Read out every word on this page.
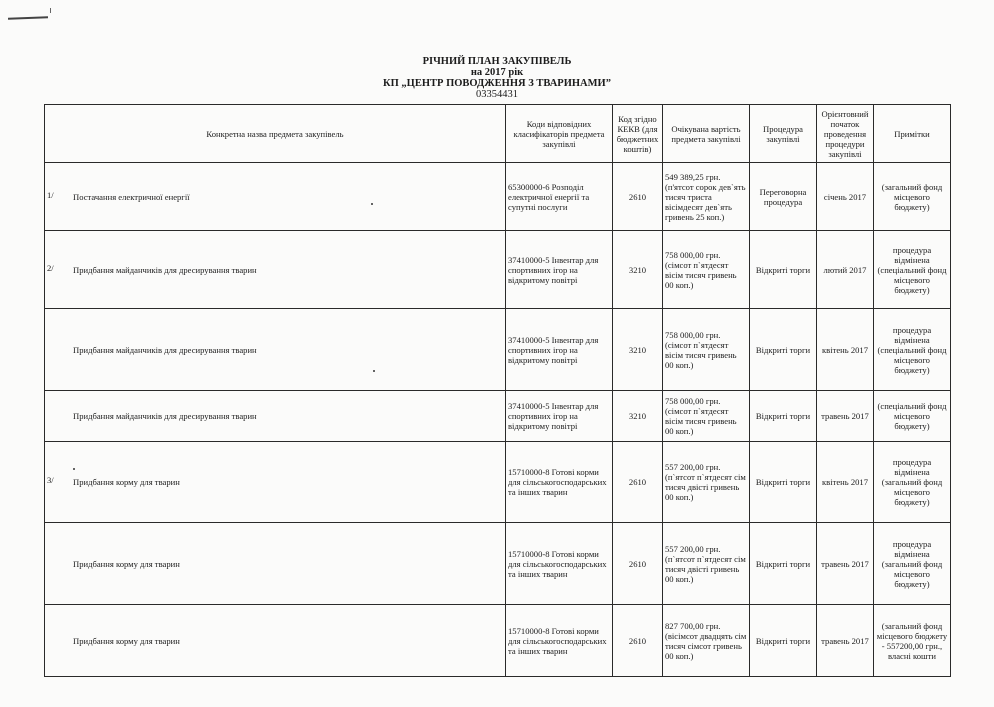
РІЧНИЙ ПЛАН ЗАКУПІВЕЛЬ
на 2017 рік
КП „ЦЕНТР ПОВОДЖЕННЯ З ТВАРИНАМИ”
03354431
Конкретна назва предмета закупівель	Коди відповідних класифікаторів предмета закупівлі	Код згідно КЕКВ (для бюджетних коштів)	Очікувана вартість предмета закупівлі	Процедура закупівлі	Орієнтовний початок проведення процедури закупівлі	Примітки

1/ Постачання електричної енергії	65300000-6 Розподіл електричної енергії та супутні послуги	2610	549 389,25 грн. (п'ятсот сорок дев`ять тисяч триста вісімдесят дев`ять гривень 25 коп.)	Переговорна процедура	січень 2017	(загальний фонд місцевого бюджету)

2/ Придбання майданчиків для дресирування тварин	37410000-5 Інвентар для спортивних ігор на відкритому повітрі	3210	758 000,00 грн. (сімсот п`ятдесят вісім тисяч гривень 00 коп.)	Відкриті торги	лютий 2017	процедура відмінена (спеціальний фонд місцевого бюджету)

Придбання майданчиків для дресирування тварин	37410000-5 Інвентар для спортивних ігор на відкритому повітрі	3210	758 000,00 грн. (сімсот п`ятдесят вісім тисяч гривень 00 коп.)	Відкриті торги	квітень 2017	процедура відмінена (спеціальний фонд місцевого бюджету)

Придбання майданчиків для дресирування тварин	37410000-5 Інвентар для спортивних ігор на відкритому повітрі	3210	758 000,00 грн. (сімсот п`ятдесят вісім тисяч гривень 00 коп.)	Відкриті торги	травень 2017	(спеціальний фонд місцевого бюджету)

3/ Придбання корму для тварин	15710000-8 Готові корми для сільськогосподарських та інших тварин	2610	557 200,00 грн. (п`ятсот п`ятдесят сім тисяч двісті гривень 00 коп.)	Відкриті торги	квітень 2017	процедура відмінена (загальний фонд місцевого бюджету)

Придбання корму для тварин	15710000-8 Готові корми для сільськогосподарських та інших тварин	2610	557 200,00 грн. (п`ятсот п`ятдесят сім тисяч двісті гривень 00 коп.)	Відкриті торги	травень 2017	процедура відмінена (загальний фонд місцевого бюджету)

Придбання корму для тварин	15710000-8 Готові корми для сільськогосподарських та інших тварин	2610	827 700,00 грн. (вісімсот двадцять сім тисяч сімсот гривень 00 коп.)	Відкриті торги	травень 2017	(загальний фонд місцевого бюджету - 557200,00 грн., власні кошти
